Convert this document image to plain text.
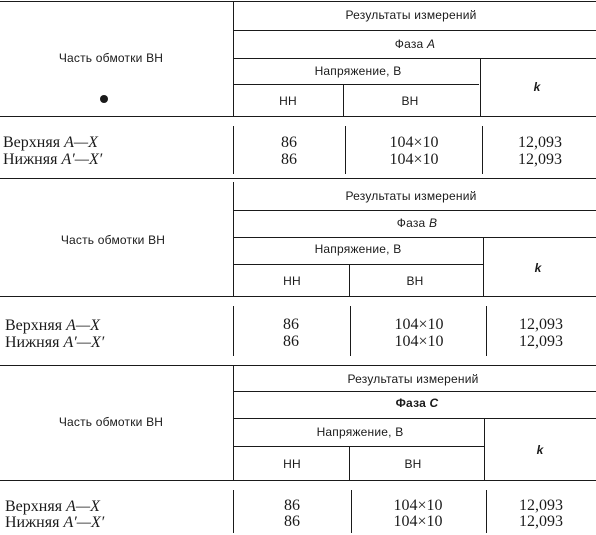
Результаты измерений
Фаза A
Напряжение, В
Часть обмотки ВН
НН	ВН
k
Верхняя A—X	86	104×10	12,093
Нижняя A′—X′	86	104×10	12,093
Результаты измерений
Фаза B
Напряжение, В
Часть обмотки ВН
НН	ВН
k
Верхняя A—X	86	104×10	12,093
Нижняя A′—X′	86	104×10	12,093
Результаты измерений
Фаза C
Напряжение, В
Часть обмотки ВН
НН	ВН
k
Верхняя A—X	86	104×10	12,093
Нижняя A′—X′	86	104×10	12,093
